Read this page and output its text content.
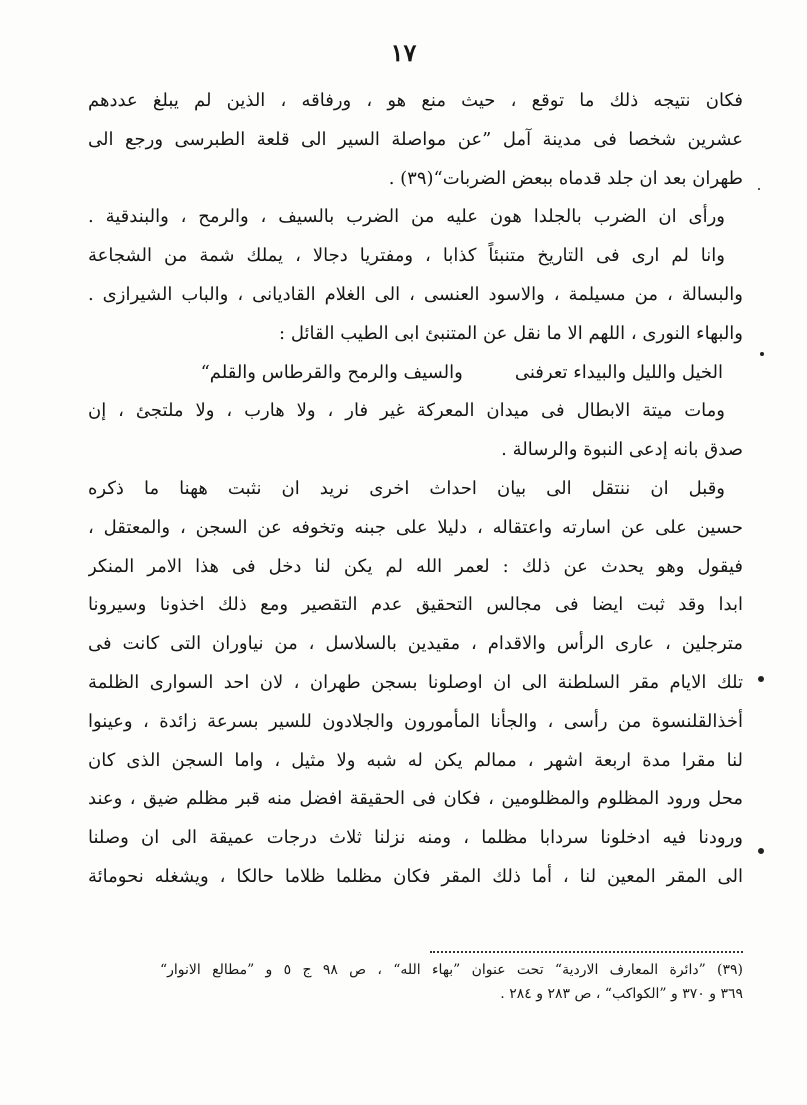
١٧
فكان نتيجه ذلك ما توقع ، حيث منع هو ، ورفاقه ، الذين لم يبلغ عددهم
عشرين شخصا فى مدينة آمل ”عن مواصلة السير الى قلعة الطبرسى ورجع الى
طهران بعد ان جلد قدماه ببعض الضربات“(٣٩) .
ورأى ان الضرب بالجلدا هون عليه من الضرب بالسيف ، والرمح ، والبندقية .
وانا لم ارى فى التاريخ متنبئاً كذابا ، ومفتريا دجالا ، يملك شمة من الشجاعة
والبسالة ، من مسيلمة ، والاسود العنسى ، الى الغلام القاديانى ، والباب الشيرازى .
والبهاء النورى ، اللهم الا ما نقل عن المتنبئ ابى الطيب القائل :
الخيل والليل والبيداء تعرفنى
والسيف والرمح والقرطاس والقلم“
ومات ميتة الابطال فى ميدان المعركة غير فار ، ولا هارب ، ولا ملتجئ ، إن
صدق بانه إدعى النبوة والرسالة .
وقبل ان ننتقل الى بيان احداث اخرى نريد ان نثبت ههنا ما ذكره
حسين على عن اسارته واعتقاله ، دليلا على جبنه وتخوفه عن السجن ، والمعتقل ،
فيقول وهو يحدث عن ذلك : لعمر الله لم يكن لنا دخل فى هذا الامر المنكر
ابدا وقد ثبت ايضا فى مجالس التحقيق عدم التقصير ومع ذلك اخذونا وسيرونا
مترجلين ، عارى الرأس والاقدام ، مقيدين بالسلاسل ، من نياوران التى كانت فى
تلك الايام مقر السلطنة الى ان اوصلونا بسجن طهران ، لان احد السوارى الظلمة
أخذالقلنسوة من رأسى ، والجأنا المأمورون والجلادون للسير بسرعة زائدة ، وعينوا
لنا مقرا مدة اربعة اشهر ، ممالم يكن له شبه ولا مثيل ، واما السجن الذى كان
محل ورود المظلوم والمظلومين ، فكان فى الحقيقة افضل منه قبر مظلم ضيق ، وعند
ورودنا فيه ادخلونا سردابا مظلما ، ومنه نزلنا ثلاث درجات عميقة الى ان وصلنا
الى المقر المعين لنا ، أما ذلك المقر فكان مظلما ظلاما حالكا ، ويشغله نحومائة
(٣٩) ”دائرة المعارف الاردية“ تحت عنوان ”بهاء الله“ ، ص ٩٨ ج ٥ و ”مطالع الانوار“
٣٦٩ و ٣٧٠ و ”الكواكب“ ، ص ٢٨٣ و ٢٨٤ .
